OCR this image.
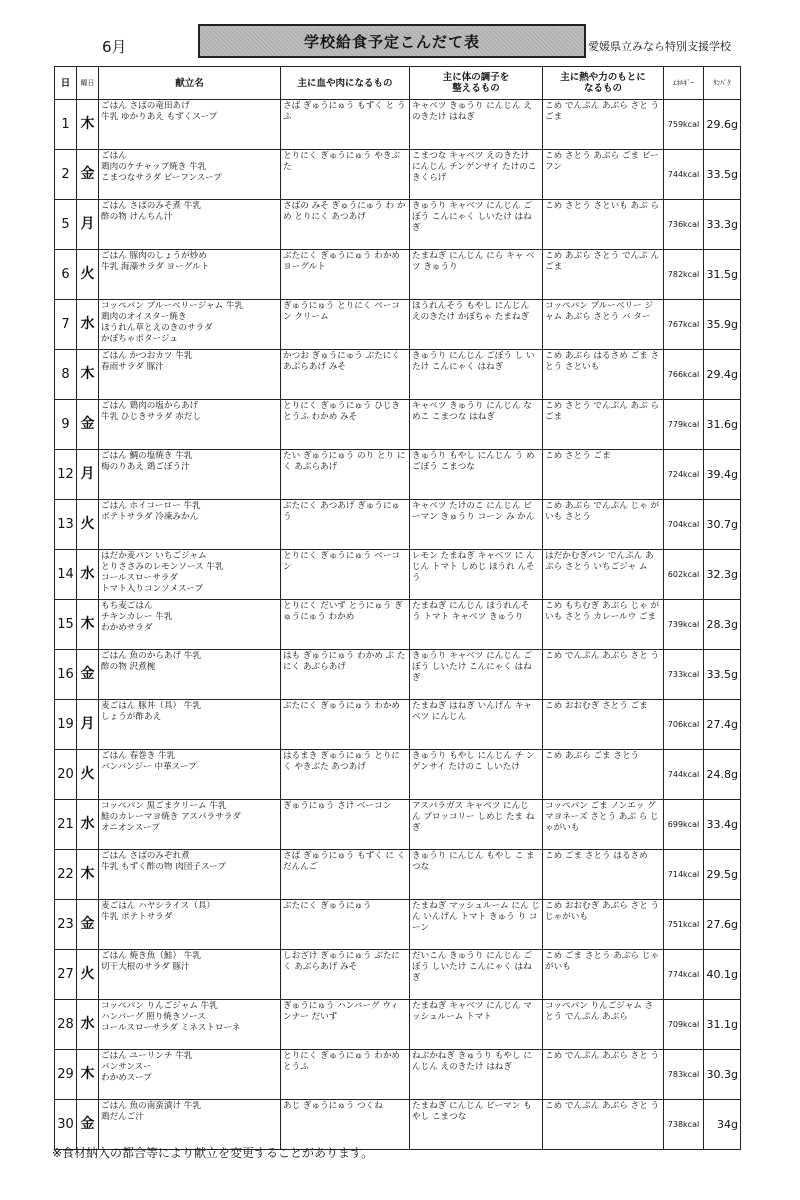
6月	学校給食予定こんだて表	愛媛県立みなら特別支援学校
日	曜日	献立名	主に血や肉になるもの	主に体の調子を
整えるもの	主に熱や力のもとに
なるもの	ｴﾈﾙｷﾞｰ	ﾀﾝﾊﾟｸ
1	木	ごはん さばの竜田あげ
牛乳 ゆかりあえ もずくスープ	さば ぎゅうにゅう もずく と うふ	キャベツ きゅうり にんじん えのきたけ はねぎ	こめ でんぷん あぶら さと う ごま	759kcal	29.6g
2	金	ごはん
鶏肉のケチャップ焼き 牛乳
こまつなサラダ ビーフンスープ	とりにく ぎゅうにゅう やきぶ た	こまつな キャベツ えのきたけ にんじん チンゲンサイ たけのこ きくらげ	こめ さとう あぶら ごま ビーフン	744kcal	33.5g
5	月	ごはん さばのみそ煮 牛乳
酢の物 けんちん汁	さばの みそ ぎゅうにゅう わ かめ とりにく あつあげ	きゅうり キャベツ にんじん ごぼう こんにゃく しいたけ はねぎ	こめ さとう さといも あぶ ら	736kcal	33.3g
6	火	ごはん 豚肉のしょうが炒め
牛乳 海藻サラダ ヨーグルト	ぶたにく ぎゅうにゅう わかめ ヨーグルト	たまねぎ にんじん にら キャ ベツ きゅうり	こめ あぶら さとう でんぷ ん ごま	782kcal	31.5g
7	水	コッペパン ブルーベリージャム 牛乳
鶏肉のオイスター焼き
ほうれん草とえのきのサラダ
かぼちゃポタージュ	ぎゅうにゅう とりにく ベーコ ン クリーム	ほうれんそう もやし にんじん えのきたけ かぼちゃ たまねぎ	コッペパン ブルーベリー ジャム あぶら さとう バ ター	767kcal	35.9g
8	木	ごはん かつおカツ 牛乳
春雨サラダ 豚汁	かつお ぎゅうにゅう ぶたにく あぶらあげ みそ	きゅうり にんじん ごぼう し いたけ こんにゃく はねぎ	こめ あぶら はるさめ ごま さとう さといも	766kcal	29.4g
9	金	ごはん 鶏肉の塩からあげ
牛乳 ひじきサラダ 赤だし	とりにく ぎゅうにゅう ひじき とうふ わかめ みそ	キャベツ きゅうり にんじん なめこ こまつな はねぎ	こめ さとう でんぷん あぶ ら ごま	779kcal	31.6g
12	月	ごはん 鯛の塩焼き 牛乳
梅のりあえ 鶏ごぼう汁	たい ぎゅうにゅう のり とり にく あぶらあげ	きゅうり もやし にんじん う め ごぼう こまつな	こめ さとう ごま	724kcal	39.4g
13	火	ごはん ホイコーロー 牛乳
ポテトサラダ 冷凍みかん	ぶたにく あつあげ ぎゅうにゅ う	キャベツ たけのこ にんじん ピーマン きゅうり コーン み かん	こめ あぶら でんぷん じゃ がいも さとう	704kcal	30.7g
14	水	はだか麦パン いちごジャム
とりささみのレモンソース 牛乳
コールスローサラダ
トマト入りコンソメスープ	とりにく ぎゅうにゅう ベーコ ン	レモン たまねぎ キャベツ に んじん トマト しめじ ほうれ んそう	はだかむぎパン でんぷん あぶら さとう いちごジャ ム	602kcal	32.3g
15	木	もち麦ごはん
チキンカレー 牛乳
わかめサラダ	とりにく だいず とうにゅう ぎゅうにゅう わかめ	たまねぎ にんじん ほうれんそ う トマト キャベツ きゅうり	こめ もちむぎ あぶら じゃ がいも さとう カレールウ ごま	739kcal	28.3g
16	金	ごはん 魚のからあげ 牛乳
酢の物 沢煮椀	はも ぎゅうにゅう わかめ ぶ たにく あぶらあげ	きゅうり キャベツ にんじん ごぼう しいたけ こんにゃく はねぎ	こめ でんぷん あぶら さと う	733kcal	33.5g
19	月	麦ごはん 豚丼（具） 牛乳
しょうが酢あえ	ぶたにく ぎゅうにゅう わかめ	たまねぎ はねぎ いんげん キャベツ にんじん	こめ おおむぎ さとう ごま	706kcal	27.4g
20	火	ごはん 春巻き 牛乳
バンバンジー 中華スープ	はるまき ぎゅうにゅう とりに く やきぶた あつあげ	きゅうり もやし にんじん チ ンゲンサイ たけのこ しいたけ	こめ あぶら ごま さとう	744kcal	24.8g
21	水	コッペパン 黒ごまクリーム 牛乳
鮭のカレーマヨ焼き アスパラサラダ
オニオンスープ	ぎゅうにゅう さけ ベーコン	アスパラガス キャベツ にんじ ん ブロッコリー しめじ たま ねぎ	コッペパン ごま ノンエッ グマヨネーズ さとう あぶ ら じゃがいも	699kcal	33.4g
22	木	ごはん さばのみぞれ煮
牛乳 もずく酢の物 肉団子スープ	さば ぎゅうにゅう もずく に くだんんご	きゅうり にんじん もやし こ まつな	こめ ごま さとう はるさめ	714kcal	29.5g
23	金	麦ごはん ハヤシライス（具）
牛乳 ポテトサラダ	ぶたにく ぎゅうにゅう	たまねぎ マッシュルーム にん じん いんげん トマト きゅう り コーン	こめ おおむぎ あぶら さと う じゃがいも	751kcal	27.6g
27	火	ごはん 焼き魚（鮭） 牛乳
切干大根のサラダ 豚汁	しおざけ ぎゅうにゅう ぶたに く あぶらあげ みそ	だいこん きゅうり にんじん ごぼう しいたけ こんにゃく はねぎ	こめ ごま さとう あぶら じゃがいも	774kcal	40.1g
28	水	コッペパン りんごジャム 牛乳
ハンバーグ 照り焼きソース
コールスローサラダ ミネストローネ	ぎゅうにゅう ハンバーグ ウィ ンナー だいず	たまねぎ キャベツ にんじん マッシュルーム トマト	コッペパン りんごジャム さとう でんぷん あぶら	709kcal	31.1g
29	木	ごはん ユーリンチ 牛乳
バンサンスー
わかめスープ	とりにく ぎゅうにゅう わかめ とうふ	ねぶかねぎ きゅうり もやし にんじん えのきたけ はねぎ	こめ でんぷん あぶら さと う	783kcal	30.3g
30	金	ごはん 魚の南蛮漬け 牛乳
鶏だんご汁	あじ ぎゅうにゅう つくね	たまねぎ にんじん ピーマン もやし こまつな	こめ でんぷん あぶら さと う	738kcal	34g
※食材納入の都合等により献立を変更することがあります。
